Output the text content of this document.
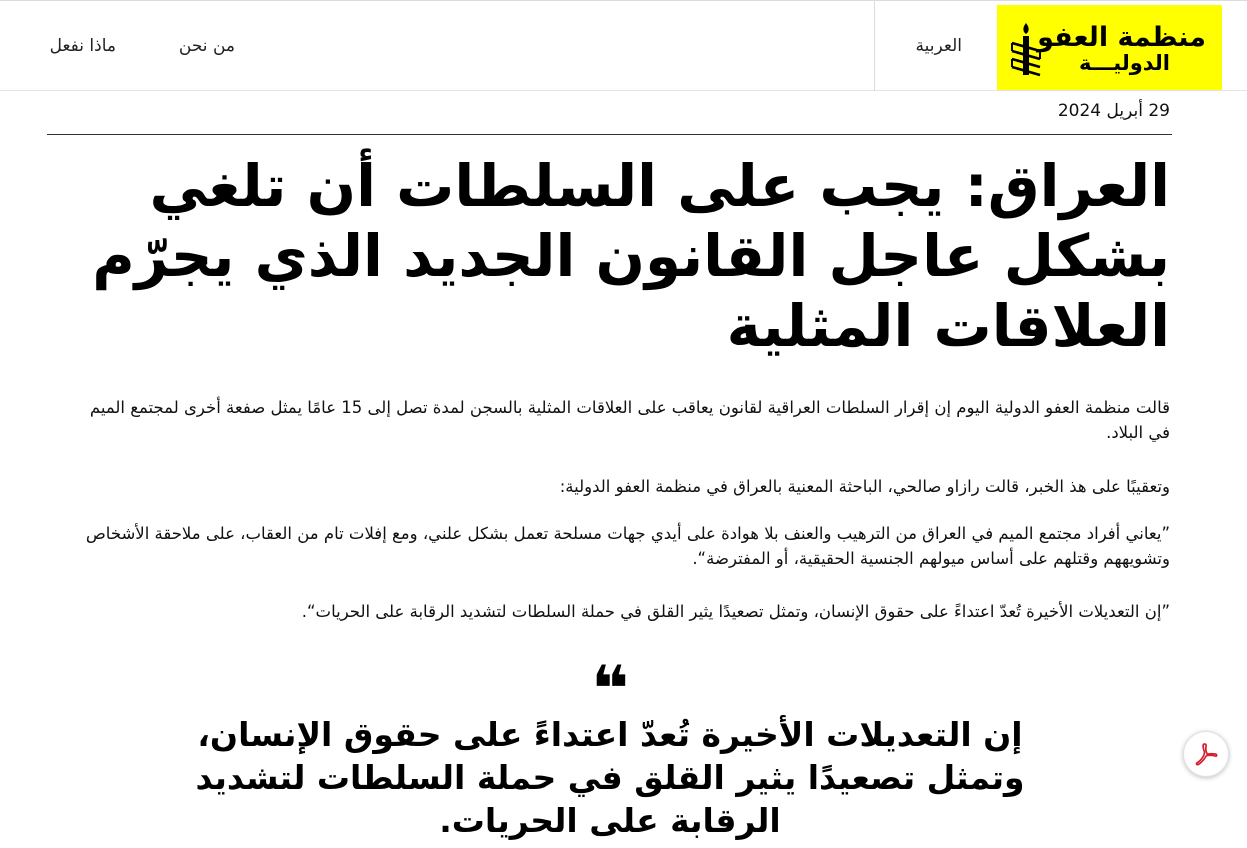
منظمة العفو
الدوليـــة
العربية
من نحن
ماذا نفعل
29 أبريل 2024
العراق: يجب على السلطات أن تلغي بشكل عاجل القانون الجديد الذي يجرّم العلاقات المثلية

قالت منظمة العفو الدولية اليوم إن إقرار السلطات العراقية لقانون يعاقب على العلاقات المثلية بالسجن لمدة تصل إلى 15 عامًا يمثل صفعة أخرى لمجتمع الميم في البلاد.

وتعقيبًا على هذ الخبر، قالت رازاو صالحي، الباحثة المعنية بالعراق في منظمة العفو الدولية:

”يعاني أفراد مجتمع الميم في العراق من الترهيب والعنف بلا هوادة على أيدي جهات مسلحة تعمل بشكل علني، ومع إفلات تام من العقاب، على ملاحقة الأشخاص وتشويههم وقتلهم على أساس ميولهم الجنسية الحقيقية، أو المفترضة“.

”إن التعديلات الأخيرة تُعدّ اعتداءً على حقوق الإنسان، وتمثل تصعيدًا يثير القلق في حملة السلطات لتشديد الرقابة على الحريات“.

❝
إن التعديلات الأخيرة تُعدّ اعتداءً على حقوق الإنسان، وتمثل تصعيدًا يثير القلق في حملة السلطات لتشديد الرقابة على الحريات.
